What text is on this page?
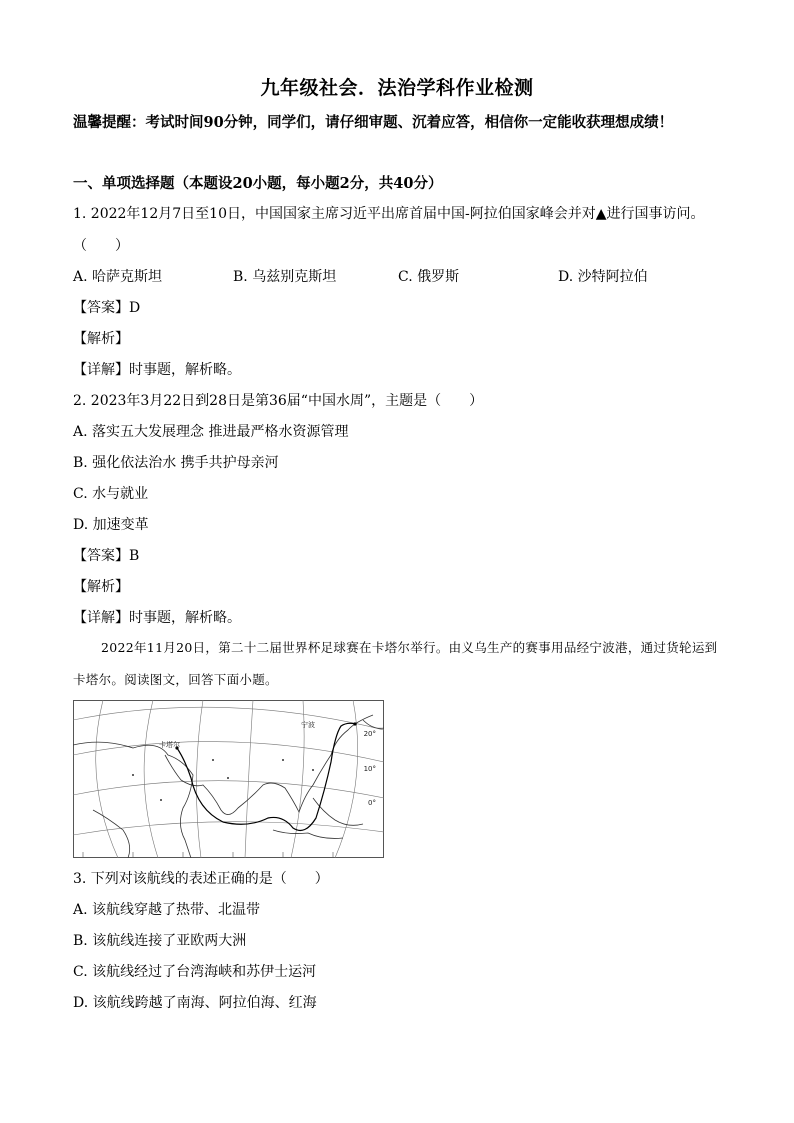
九年级社会．法治学科作业检测
温馨提醒：考试时间90分钟，同学们，请仔细审题、沉着应答，相信你一定能收获理想成绩！
一、单项选择题（本题设20小题，每小题2分，共40分）
1. 2022年12月7日至10日，中国国家主席习近平出席首届中国-阿拉伯国家峰会并对▲进行国事访问。
（　　）
A. 哈萨克斯坦	B. 乌兹别克斯坦	C. 俄罗斯	D. 沙特阿拉伯
【答案】D
【解析】
【详解】时事题，解析略。
2. 2023年3月22日到28日是第36届“中国水周”，主题是（　　）
A. 落实五大发展理念 推进最严格水资源管理
B. 强化依法治水 携手共护母亲河
C. 水与就业
D. 加速变革
【答案】B
【解析】
【详解】时事题，解析略。
2022年11月20日，第二十二届世界杯足球赛在卡塔尔举行。由义乌生产的赛事用品经宁波港，通过货轮运到卡塔尔。阅读图文，回答下面小题。
卡塔尔
宁波
20°
10°
0°
3. 下列对该航线的表述正确的是（　　）
A. 该航线穿越了热带、北温带
B. 该航线连接了亚欧两大洲
C. 该航线经过了台湾海峡和苏伊士运河
D. 该航线跨越了南海、阿拉伯海、红海
